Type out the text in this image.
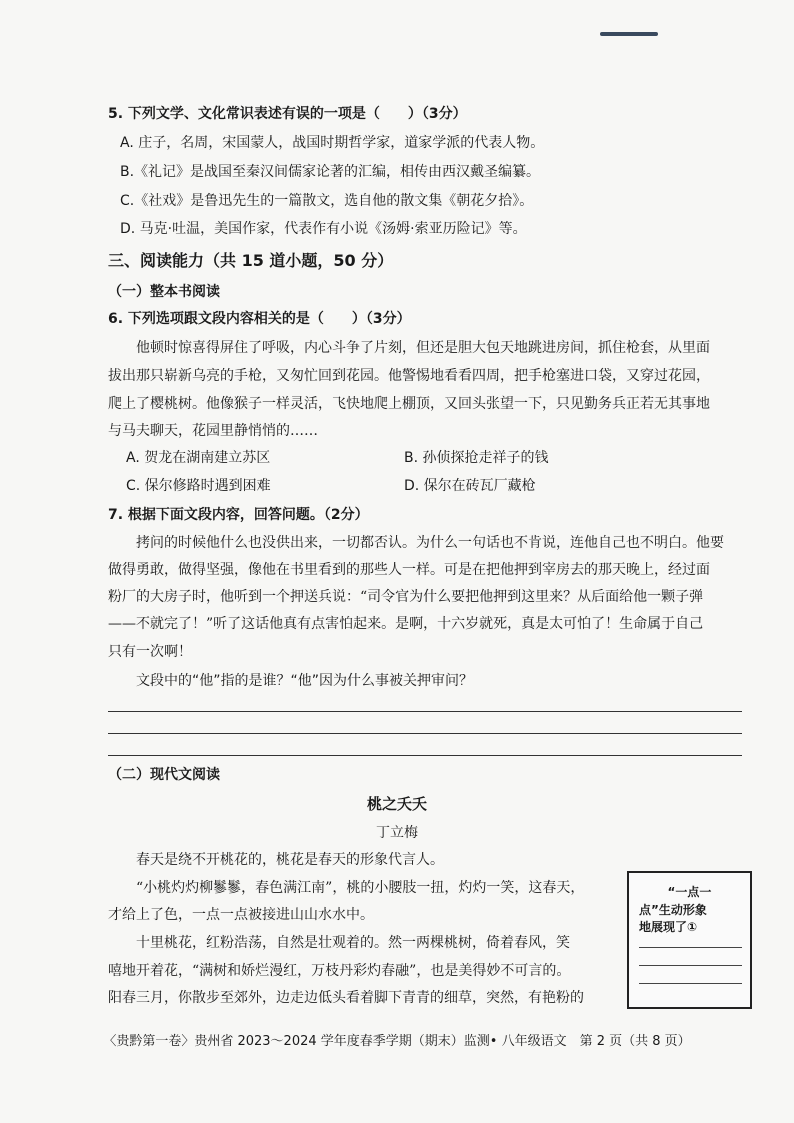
5. 下列文学、文化常识表述有误的一项是（　　）（3分）
A. 庄子，名周，宋国蒙人，战国时期哲学家，道家学派的代表人物。
B.《礼记》是战国至秦汉间儒家论著的汇编，相传由西汉戴圣编纂。
C.《社戏》是鲁迅先生的一篇散文，选自他的散文集《朝花夕拾》。
D. 马克·吐温，美国作家，代表作有小说《汤姆·索亚历险记》等。
三、阅读能力（共 15 道小题，50 分）
（一）整本书阅读
6. 下列选项跟文段内容相关的是（　　）（3分）
他顿时惊喜得屏住了呼吸，内心斗争了片刻，但还是胆大包天地跳进房间，抓住枪套，从里面
拔出那只崭新乌亮的手枪，又匆忙回到花园。他警惕地看看四周，把手枪塞进口袋，又穿过花园，
爬上了樱桃树。他像猴子一样灵活，飞快地爬上棚顶，又回头张望一下，只见勤务兵正若无其事地
与马夫聊天，花园里静悄悄的……
A. 贺龙在湖南建立苏区	B. 孙侦探抢走祥子的钱
C. 保尔修路时遇到困难	D. 保尔在砖瓦厂藏枪
7. 根据下面文段内容，回答问题。（2分）
拷问的时候他什么也没供出来，一切都否认。为什么一句话也不肯说，连他自己也不明白。他要
做得勇敢，做得坚强，像他在书里看到的那些人一样。可是在把他押到宰房去的那天晚上，经过面
粉厂的大房子时，他听到一个押送兵说：“司令官为什么要把他押到这里来？从后面给他一颗子弹
——不就完了！”听了这话他真有点害怕起来。是啊，十六岁就死，真是太可怕了！生命属于自己
只有一次啊！
文段中的“他”指的是谁？“他”因为什么事被关押审问？
（二）现代文阅读
桃之夭夭
丁立梅
春天是绕不开桃花的，桃花是春天的形象代言人。
“小桃灼灼柳鬖鬖，春色满江南”，桃的小腰肢一扭，灼灼一笑，这春天，
才给上了色，一点一点被接进山山水水中。
十里桃花，红粉浩荡，自然是壮观着的。然一两棵桃树，倚着春风，笑
嘻地开着花，“满树和娇烂漫红，万枝丹彩灼春融”，也是美得妙不可言的。
阳春三月，你散步至郊外，边走边低头看着脚下青青的细草，突然，有艳粉的
“一点一
点”生动形象
地展现了①
〈贵黔第一卷〉贵州省 2023～2024 学年度春季学期（期末）监测• 八年级语文　第 2 页（共 8 页）
